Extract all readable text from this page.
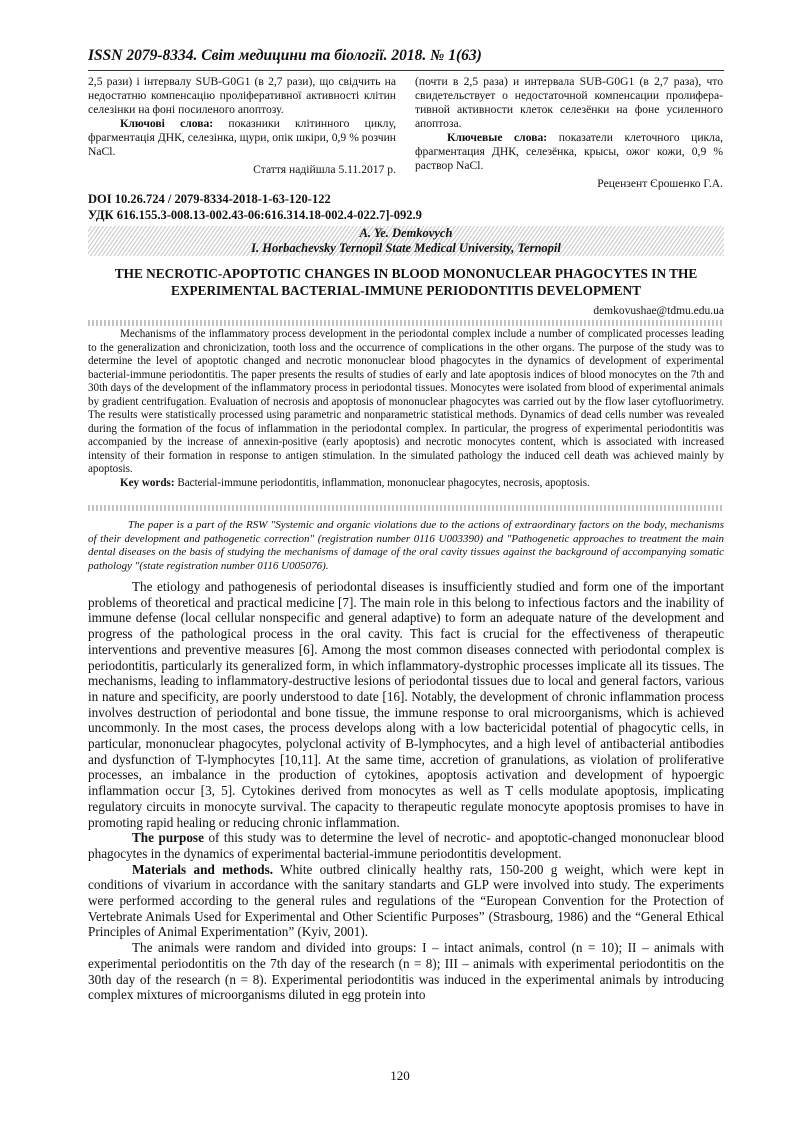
ISSN 2079-8334. Світ медицини та біології. 2018. № 1(63)

2,5 рази) і інтервалу SUB-G0G1 (в 2,7 рази), що свідчить на недостатню компенсацію проліферативної активності клітин селезінки на фоні посиленого апоптозу.

Ключові слова: показники клітинного циклу, фрагментація ДНК, селезінка, щури, опік шкіри, 0,9 % розчин NaCl.

Стаття надійшла 5.11.2017 р.

(почти в 2,5 раза) и интервала SUB-G0G1 (в 2,7 раза), что свидетельствует о недостаточной компенсации пролифера-тивной активности клеток селезёнки на фоне усиленного апоптоза.

Ключевые слова: показатели клеточного цикла, фрагментация ДНК, селезёнка, крысы, ожог кожи, 0,9 % раствор NaCl.

Рецензент Єрошенко Г.А.

DOI 10.26.724 / 2079-8334-2018-1-63-120-122
УДК 616.155.3-008.13-002.43-06:616.314.18-002.4-022.7]-092.9
A. Ye. Demkovych
I. Horbachevsky Ternopil State Medical University, Ternopil
THE NECROTIC-APOPTOTIC CHANGES IN BLOOD MONONUCLEAR PHAGOCYTES IN THE EXPERIMENTAL BACTERIAL-IMMUNE PERIODONTITIS DEVELOPMENT
demkovushae@tdmu.edu.ua

Mechanisms of the inflammatory process development in the periodontal complex include a number of complicated processes leading to the generalization and chronicization, tooth loss and the occurrence of complications in the other organs. The purpose of the study was to determine the level of apoptotic changed and necrotic mononuclear blood phagocytes in the dynamics of development of experimental bacterial-immune periodontitis. The paper presents the results of studies of early and late apoptosis indices of blood monocytes on the 7th and 30th days of the development of the inflammatory process in periodontal tissues. Monocytes were isolated from blood of experimental animals by gradient centrifugation. Evaluation of necrosis and apoptosis of mononuclear phagocytes was carried out by the flow laser cytofluorimetry. The results were statistically processed using parametric and nonparametric statistical methods. Dynamics of dead cells number was revealed during the formation of the focus of inflammation in the periodontal complex. In particular, the progress of experimental periodontitis was accompanied by the increase of annexin-positive (early apoptosis) and necrotic monocytes content, which is associated with increased intensity of their formation in response to antigen stimulation. In the simulated pathology the induced cell death was achieved mainly by apoptosis.

Key words: Bacterial-immune periodontitis, inflammation, mononuclear phagocytes, necrosis, apoptosis.

The paper is a part of the RSW "Systemic and organic violations due to the actions of extraordinary factors on the body, mechanisms of their development and pathogenetic correction" (registration number 0116 U003390) and "Pathogenetic approaches to treatment the main dental diseases on the basis of studying the mechanisms of damage of the oral cavity tissues against the background of accompanying somatic pathology "(state registration number 0116 U005076).

The etiology and pathogenesis of periodontal diseases is insufficiently studied and form one of the important problems of theoretical and practical medicine [7]. The main role in this belong to infectious factors and the inability of immune defense (local cellular nonspecific and general adaptive) to form an adequate nature of the development and progress of the pathological process in the oral cavity. This fact is crucial for the effectiveness of therapeutic interventions and preventive measures [6]. Among the most common diseases connected with periodontal complex is periodontitis, particularly its generalized form, in which inflammatory-dystrophic processes implicate all its tissues. The mechanisms, leading to inflammatory-destructive lesions of periodontal tissues due to local and general factors, various in nature and specificity, are poorly understood to date [16]. Notably, the development of chronic inflammation process involves destruction of periodontal and bone tissue, the immune response to oral microorganisms, which is achieved uncommonly. In the most cases, the process develops along with a low bactericidal potential of phagocytic cells, in particular, mononuclear phagocytes, polyclonal activity of B-lymphocytes, and a high level of antibacterial antibodies and dysfunction of T-lymphocytes [10,11]. At the same time, accretion of granulations, as violation of proliferative processes, an imbalance in the production of cytokines, apoptosis activation and development of hypoergic inflammation occur [3, 5]. Cytokines derived from monocytes as well as T cells modulate apoptosis, implicating regulatory circuits in monocyte survival. The capacity to therapeutic regulate monocyte apoptosis promises to have in promoting rapid healing or reducing chronic inflammation.

The purpose of this study was to determine the level of necrotic- and apoptotic-changed mononuclear blood phagocytes in the dynamics of experimental bacterial-immune periodontitis development.

Materials and methods. White outbred clinically healthy rats, 150-200 g weight, which were kept in conditions of vivarium in accordance with the sanitary standarts and GLP were involved into study. The experiments were performed according to the general rules and regulations of the “European Convention for the Protection of Vertebrate Animals Used for Experimental and Other Scientific Purposes” (Strasbourg, 1986) and the “General Ethical Principles of Animal Experimentation” (Kyiv, 2001).

The animals were random and divided into groups: I – intact animals, control (n = 10); II – animals with experimental periodontitis on the 7th day of the research (n = 8); III – animals with experimental periodontitis on the 30th day of the research (n = 8). Experimental periodontitis was induced in the experimental animals by introducing complex mixtures of microorganisms diluted in egg protein into

120
